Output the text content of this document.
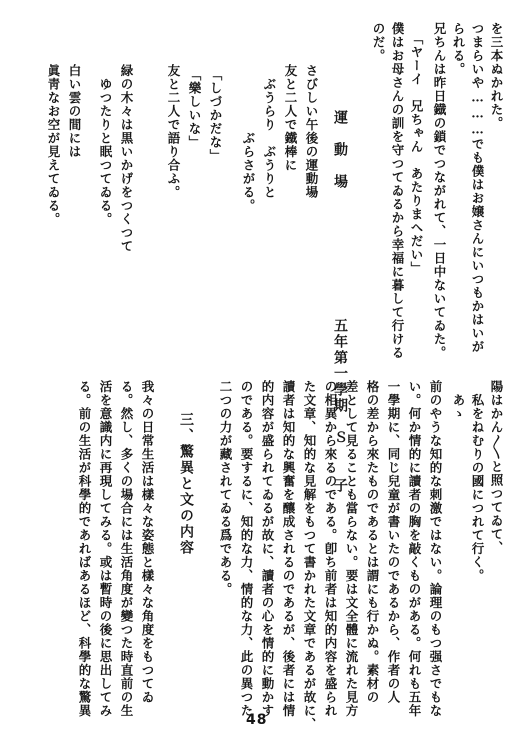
を三本ぬかれた。
つまらいや………でも僕はお嬢さんにいつもかはいが
られる。
兄ちんは昨日鐡の鎖でつながれて、一日中ないてゐた。
「ヤーイ　兄ちゃん　あたりまへだい」
僕はお母さんの訓を守つてゐるから幸福に暮して行ける
のだ。
運　動　場　　　　　　　　五年第一學期　Ｓ　　子
さびしい午後の運動場
友と二人で鐵棒に
　ぶうらり　ぶうりと
　　　　　ぶらさがる。
「しづかだな」
「樂しいな」
友と二人で語り合ふ。
緑の木々は黒いかげをつくつて
　ゆつたりと眠つてゐる。
白い雲の間には
眞靑なお空が見えてゐる。
陽はかん〱と照つてゐて、
　私をねむりの國につれて行く。
　あゝ
前のやうな知的な刺激ではない。論理のもつ强さでもな
い。何か情的に讀者の胸を敲くものがある。何れも五年
一學期に、同じ兒童が書いたのであるから、作者の人
格の差から來たものであるとは謂にも行かぬ。素材の
差として見ることも當らない。要は文全體に流れた見方
の相異から來るのである。卽ち前者は知的内容を盛られ
た文章、知的な見解をもつて書かれた文章であるが故に、
讀者は知的な興奮を釀成されるのであるが、後者には情
的内容が盛られてゐるが故に、讀者の心を情的に動かす
のである。要するに、知的な力、情的な力、此の異つた
二つの力が藏されてゐる爲である。
三、驚異と文の内容
我々の日常生活は樣々な姿態と樣々な角度をもつてゐ
る。然し、多くの場合には生活角度が變つた時直前の生
活を意識内に再現してみる。或は暫時の後に思出してみ
る。前の生活が科學的であればあるほど、科學的な驚異
48
